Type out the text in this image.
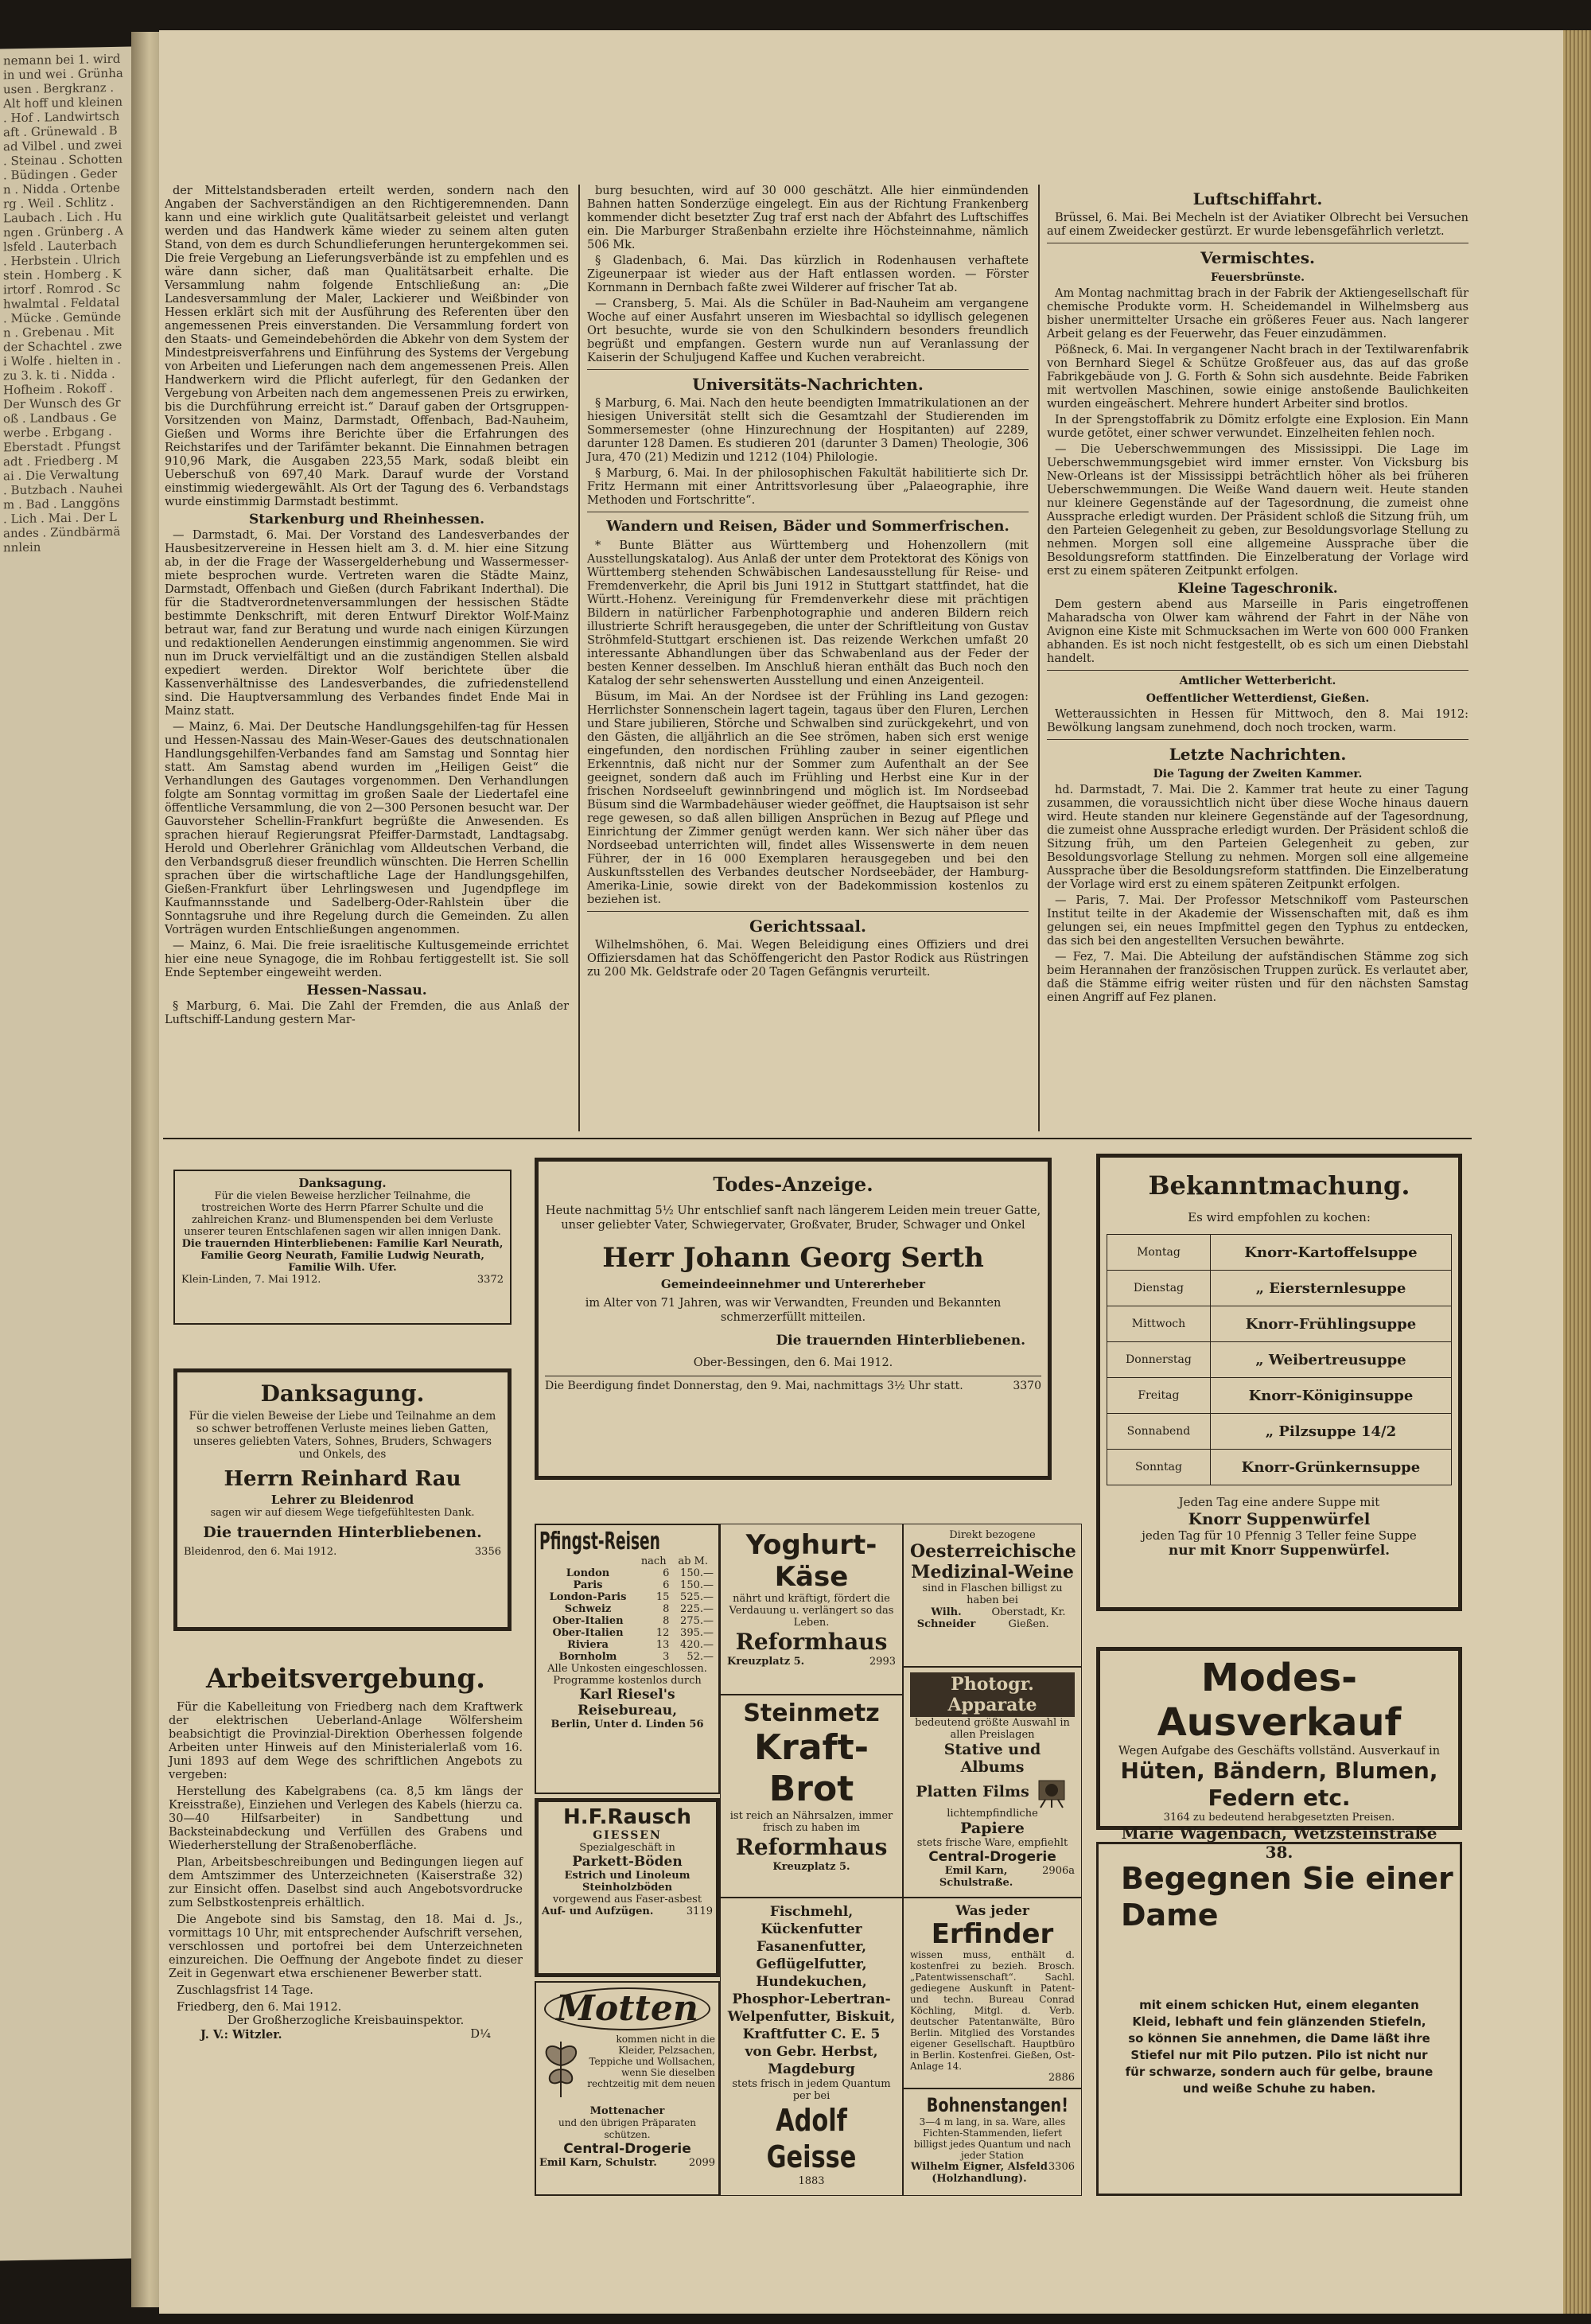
nemann bei 1. wird in und wei . Grünhausen . Bergkranz . Alt hoff und kleinen . Hof . Landwirtschaft . Grünewald . Bad Vilbel . und zwei . Steinau . Schotten . Büdingen . Gedern . Nidda . Ortenberg . Weil . Schlitz . Laubach . Lich . Hungen . Grünberg . Alsfeld . Lauterbach . Herbstein . Ulrichstein . Homberg . Kirtorf . Romrod . Schwalmtal . Feldatal . Mücke . Gemünden . Grebenau . Mit der Schachtel . zwei Wolfe . hielten in . zu 3. k. ti . Nidda . Hofheim . Rokoff . Der Wunsch des Groß . Landbaus . Gewerbe . Erbgang . Eberstadt . Pfungstadt . Friedberg . Mai . Die Verwaltung . Butzbach . Nauheim . Bad . Langgöns . Lich . Mai . Der Landes . Zündbärmännlein

der Mittelstandsberaden erteilt werden, sondern nach den Angaben der Sachverständigen an den Richtigeremnenden. Dann kann und eine wirklich gute Qualitätsarbeit geleistet und verlangt werden und das Handwerk käme wieder zu seinem alten guten Stand, von dem es durch Schundlieferungen heruntergekommen sei. Die freie Vergebung an Lieferungsverbände ist zu empfehlen und es wäre dann sicher, daß man Qualitätsarbeit erhalte. Die Versammlung nahm folgende Entschließung an: „Die Landesversammlung der Maler, Lackierer und Weißbinder von Hessen erklärt sich mit der Ausführung des Referenten über den angemessenen Preis einverstanden. Die Versammlung fordert von den Staats- und Gemeindebehörden die Abkehr von dem System der Mindestpreisverfahrens und Einführung des Systems der Vergebung von Arbeiten und Lieferungen nach dem angemessenen Preis. Allen Handwerkern wird die Pflicht auferlegt, für den Gedanken der Vergebung von Arbeiten nach dem angemessenen Preis zu erwirken, bis die Durchführung erreicht ist.“ Darauf gaben der Ortsgruppen-Vorsitzenden von Mainz, Darmstadt, Offenbach, Bad-Nauheim, Gießen und Worms ihre Berichte über die Erfahrungen des Reichstarifes und der Tarifämter bekannt. Die Einnahmen betragen 910,96 Mark, die Ausgaben 223,55 Mark, sodaß bleibt ein Ueberschuß von 697,40 Mark. Darauf wurde der Vorstand einstimmig wiedergewählt. Als Ort der Tagung des 6. Verbandstags wurde einstimmig Darmstadt bestimmt.

Starkenburg und Rheinhessen.

— Darmstadt, 6. Mai. Der Vorstand des Landesverbandes der Hausbesitzervereine in Hessen hielt am 3. d. M. hier eine Sitzung ab, in der die Frage der Wassergelderhebung und Wassermesser-miete besprochen wurde. Vertreten waren die Städte Mainz, Darmstadt, Offenbach und Gießen (durch Fabrikant Inderthal). Die für die Stadtverordnetenversammlungen der hessischen Städte bestimmte Denkschrift, mit deren Entwurf Direktor Wolf-Mainz betraut war, fand zur Beratung und wurde nach einigen Kürzungen und redaktionellen Aenderungen einstimmig angenommen. Sie wird nun im Druck vervielfältigt und an die zuständigen Stellen alsbald expediert werden. Direktor Wolf berichtete über die Kassenverhältnisse des Landesverbandes, die zufriedenstellend sind. Die Hauptversammlung des Verbandes findet Ende Mai in Mainz statt.

— Mainz, 6. Mai. Der Deutsche Handlungsgehilfen-tag für Hessen und Hessen-Nassau des Main-Weser-Gaues des deutschnationalen Handlungsgehilfen-Verbandes fand am Samstag und Sonntag hier statt. Am Samstag abend wurden im „Heiligen Geist“ die Verhandlungen des Gautages vorgenommen. Den Verhandlungen folgte am Sonntag vormittag im großen Saale der Liedertafel eine öffentliche Versammlung, die von 2—300 Personen besucht war. Der Gauvorsteher Schellin-Frankfurt begrüßte die Anwesenden. Es sprachen hierauf Regierungsrat Pfeiffer-Darmstadt, Landtagsabg. Herold und Oberlehrer Gränichlag vom Alldeutschen Verband, die den Verbandsgruß dieser freundlich wünschten. Die Herren Schellin sprachen über die wirtschaftliche Lage der Handlungsgehilfen, Gießen-Frankfurt über Lehrlingswesen und Jugendpflege im Kaufmannsstande und Sadelberg-Oder-Rahlstein über die Sonntagsruhe und ihre Regelung durch die Gemeinden. Zu allen Vorträgen wurden Entschließungen angenommen.

— Mainz, 6. Mai. Die freie israelitische Kultusgemeinde errichtet hier eine neue Synagoge, die im Rohbau fertiggestellt ist. Sie soll Ende September eingeweiht werden.

Hessen-Nassau.

§ Marburg, 6. Mai. Die Zahl der Fremden, die aus Anlaß der Luftschiff-Landung gestern Mar-

burg besuchten, wird auf 30 000 geschätzt. Alle hier einmündenden Bahnen hatten Sonderzüge eingelegt. Ein aus der Richtung Frankenberg kommender dicht besetzter Zug traf erst nach der Abfahrt des Luftschiffes ein. Die Marburger Straßenbahn erzielte ihre Höchsteinnahme, nämlich 506 Mk.

§ Gladenbach, 6. Mai. Das kürzlich in Rodenhausen verhaftete Zigeunerpaar ist wieder aus der Haft entlassen worden. — Förster Kornmann in Dernbach faßte zwei Wilderer auf frischer Tat ab.

— Cransberg, 5. Mai. Als die Schüler in Bad-Nauheim am vergangene Woche auf einer Ausfahrt unseren im Wiesbachtal so idyllisch gelegenen Ort besuchte, wurde sie von den Schulkindern besonders freundlich begrüßt und empfangen. Gestern wurde nun auf Veranlassung der Kaiserin der Schuljugend Kaffee und Kuchen verabreicht.

Universitäts-Nachrichten.

§ Marburg, 6. Mai. Nach den heute beendigten Immatrikulationen an der hiesigen Universität stellt sich die Gesamtzahl der Studierenden im Sommersemester (ohne Hinzurechnung der Hospitanten) auf 2289, darunter 128 Damen. Es studieren 201 (darunter 3 Damen) Theologie, 306 Jura, 470 (21) Medizin und 1212 (104) Philologie.

§ Marburg, 6. Mai. In der philosophischen Fakultät habilitierte sich Dr. Fritz Hermann mit einer Antrittsvorlesung über „Palaeographie, ihre Methoden und Fortschritte“.

Wandern und Reisen, Bäder und Sommerfrischen.

* Bunte Blätter aus Württemberg und Hohenzollern (mit Ausstellungskatalog). Aus Anlaß der unter dem Protektorat des Königs von Württemberg stehenden Schwäbischen Landesausstellung für Reise- und Fremdenverkehr, die April bis Juni 1912 in Stuttgart stattfindet, hat die Württ.-Hohenz. Vereinigung für Fremdenverkehr diese mit prächtigen Bildern in natürlicher Farbenphotographie und anderen Bildern reich illustrierte Schrift herausgegeben, die unter der Schriftleitung von Gustav Ströhmfeld-Stuttgart erschienen ist. Das reizende Werkchen umfaßt 20 interessante Abhandlungen über das Schwabenland aus der Feder der besten Kenner desselben. Im Anschluß hieran enthält das Buch noch den Katalog der sehr sehenswerten Ausstellung und einen Anzeigenteil.

Büsum, im Mai. An der Nordsee ist der Frühling ins Land gezogen: Herrlichster Sonnenschein lagert tagein, tagaus über den Fluren, Lerchen und Stare jubilieren, Störche und Schwalben sind zurückgekehrt, und von den Gästen, die alljährlich an die See strömen, haben sich erst wenige eingefunden, den nordischen Frühling zauber in seiner eigentlichen Erkenntnis, daß nicht nur der Sommer zum Aufenthalt an der See geeignet, sondern daß auch im Frühling und Herbst eine Kur in der frischen Nordseeluft gewinnbringend und möglich ist. Im Nordseebad Büsum sind die Warmbadehäuser wieder geöffnet, die Hauptsaison ist sehr rege gewesen, so daß allen billigen Ansprüchen in Bezug auf Pflege und Einrichtung der Zimmer genügt werden kann. Wer sich näher über das Nordseebad unterrichten will, findet alles Wissenswerte in dem neuen Führer, der in 16 000 Exemplaren herausgegeben und bei den Auskunftsstellen des Verbandes deutscher Nordseebäder, der Hamburg-Amerika-Linie, sowie direkt von der Badekommission kostenlos zu beziehen ist.

Gerichtssaal.

Wilhelmshöhen, 6. Mai. Wegen Beleidigung eines Offiziers und drei Offiziersdamen hat das Schöffengericht den Pastor Rodick aus Rüstringen zu 200 Mk. Geldstrafe oder 20 Tagen Gefängnis verurteilt.

Luftschiffahrt.

Brüssel, 6. Mai. Bei Mecheln ist der Aviatiker Olbrecht bei Versuchen auf einem Zweidecker gestürzt. Er wurde lebensgefährlich verletzt.

Vermischtes.
Feuersbrünste.

Am Montag nachmittag brach in der Fabrik der Aktiengesellschaft für chemische Produkte vorm. H. Scheidemandel in Wilhelmsberg aus bisher unermittelter Ursache ein größeres Feuer aus. Nach langerer Arbeit gelang es der Feuerwehr, das Feuer einzudämmen.

Pößneck, 6. Mai. In vergangener Nacht brach in der Textilwarenfabrik von Bernhard Siegel & Schütze Großfeuer aus, das auf das große Fabrikgebäude von J. G. Forth & Sohn sich ausdehnte. Beide Fabriken mit wertvollen Maschinen, sowie einige anstoßende Baulichkeiten wurden eingeäschert. Mehrere hundert Arbeiter sind brotlos.

In der Sprengstoffabrik zu Dömitz erfolgte eine Explosion. Ein Mann wurde getötet, einer schwer verwundet. Einzelheiten fehlen noch.

— Die Ueberschwemmungen des Mississippi. Die Lage im Ueberschwemmungsgebiet wird immer ernster. Von Vicksburg bis New-Orleans ist der Mississippi beträchtlich höher als bei früheren Ueberschwemmungen. Die Weiße Wand dauern weit. Heute standen nur kleinere Gegenstände auf der Tagesordnung, die zumeist ohne Aussprache erledigt wurden. Der Präsident schloß die Sitzung früh, um den Parteien Gelegenheit zu geben, zur Besoldungsvorlage Stellung zu nehmen. Morgen soll eine allgemeine Aussprache über die Besoldungsreform stattfinden. Die Einzelberatung der Vorlage wird erst zu einem späteren Zeitpunkt erfolgen.

Kleine Tageschronik.

Dem gestern abend aus Marseille in Paris eingetroffenen Maharadscha von Olwer kam während der Fahrt in der Nähe von Avignon eine Kiste mit Schmucksachen im Werte von 600 000 Franken abhanden. Es ist noch nicht festgestellt, ob es sich um einen Diebstahl handelt.

Amtlicher Wetterbericht.
Oeffentlicher Wetterdienst, Gießen.

Wetteraussichten in Hessen für Mittwoch, den 8. Mai 1912: Bewölkung langsam zunehmend, doch noch trocken, warm.

Letzte Nachrichten.
Die Tagung der Zweiten Kammer.

hd. Darmstadt, 7. Mai. Die 2. Kammer trat heute zu einer Tagung zusammen, die voraussichtlich nicht über diese Woche hinaus dauern wird. Heute standen nur kleinere Gegenstände auf der Tagesordnung, die zumeist ohne Aussprache erledigt wurden. Der Präsident schloß die Sitzung früh, um den Parteien Gelegenheit zu geben, zur Besoldungsvorlage Stellung zu nehmen. Morgen soll eine allgemeine Aussprache über die Besoldungsreform stattfinden. Die Einzelberatung der Vorlage wird erst zu einem späteren Zeitpunkt erfolgen.

— Paris, 7. Mai. Der Professor Metschnikoff vom Pasteurschen Institut teilte in der Akademie der Wissenschaften mit, daß es ihm gelungen sei, ein neues Impfmittel gegen den Typhus zu entdecken, das sich bei den angestellten Versuchen bewährte.

— Fez, 7. Mai. Die Abteilung der aufständischen Stämme zog sich beim Herannahen der französischen Truppen zurück. Es verlautet aber, daß die Stämme eifrig weiter rüsten und für den nächsten Samstag einen Angriff auf Fez planen.

Danksagung.
Für die vielen Beweise herzlicher Teilnahme, die trostreichen Worte des Herrn Pfarrer Schulte und die zahlreichen Kranz- und Blumenspenden bei dem Verluste unserer teuren Entschlafenen sagen wir allen innigen Dank.
Die trauernden Hinterbliebenen: Familie Karl Neurath, Familie Georg Neurath, Familie Ludwig Neurath, Familie Wilh. Ufer.
Klein-Linden, 7. Mai 1912.	3372
Danksagung.
Für die vielen Beweise der Liebe und Teilnahme an dem so schwer betroffenen Verluste meines lieben Gatten, unseres geliebten Vaters, Sohnes, Bruders, Schwagers und Onkels, des
Herrn Reinhard Rau
Lehrer zu Bleidenrod
sagen wir auf diesem Wege tiefgefühltesten Dank.
Die trauernden Hinterbliebenen.
Bleidenrod, den 6. Mai 1912.	3356
Todes-Anzeige.
Heute nachmittag 5½ Uhr entschlief sanft nach längerem Leiden mein treuer Gatte, unser geliebter Vater, Schwiegervater, Großvater, Bruder, Schwager und Onkel
Herr Johann Georg Serth
Gemeindeeinnehmer und Untererheber
im Alter von 71 Jahren, was wir Verwandten, Freunden und Bekannten schmerzerfüllt mitteilen.
Die trauernden Hinterbliebenen.
Ober-Bessingen, den 6. Mai 1912.
Die Beerdigung findet Donnerstag, den 9. Mai, nachmittags 3½ Uhr statt.	3370
Bekanntmachung.
Es wird empfohlen zu kochen:
Montag	Knorr-Kartoffelsuppe
Dienstag	„ Eiersternlesuppe
Mittwoch	Knorr-Frühlingsuppe
Donnerstag	„ Weibertreusuppe
Freitag	Knorr-Königinsuppe
Sonnabend	„ Pilzsuppe 14/2
Sonntag	Knorr-Grünkernsuppe
Jeden Tag eine andere Suppe mit
Knorr Suppenwürfel
jeden Tag für 10 Pfennig 3 Teller feine Suppe
nur mit Knorr Suppenwürfel.
Arbeitsvergebung.

Für die Kabelleitung von Friedberg nach dem Kraftwerk der elektrischen Ueberland-Anlage Wölfersheim beabsichtigt die Provinzial-Direktion Oberhessen folgende Arbeiten unter Hinweis auf den Ministerialerlaß vom 16. Juni 1893 auf dem Wege des schriftlichen Angebots zu vergeben:

Herstellung des Kabelgrabens (ca. 8,5 km längs der Kreisstraße), Einziehen und Verlegen des Kabels (hierzu ca. 30—40 Hilfsarbeiter) in Sandbettung und Backsteinabdeckung und Verfüllen des Grabens und Wiederherstellung der Straßenoberfläche.

Plan, Arbeitsbeschreibungen und Bedingungen liegen auf dem Amtszimmer des Unterzeichneten (Kaiserstraße 32) zur Einsicht offen. Daselbst sind auch Angebotsvordrucke zum Selbstkostenpreis erhältlich.

Die Angebote sind bis Samstag, den 18. Mai d. Js., vormittags 10 Uhr, mit entsprechender Aufschrift versehen, verschlossen und portofrei bei dem Unterzeichneten einzureichen. Die Oeffnung der Angebote findet zu dieser Zeit in Gegenwart etwa erschienener Bewerber statt.

Zuschlagsfrist 14 Tage.

Friedberg, den 6. Mai 1912.

Der Großherzogliche Kreisbauinspektor.
J. V.: Witzler.	D¹⁄₄
Pfingst-Reisen
	nach	ab M.
London	6	150.—
Paris	6	150.—
London-Paris	15	525.—
Schweiz	8	225.—
Ober-Italien	8	275.—
Ober-Italien	12	395.—
Riviera	13	420.—
Bornholm	3	52.—
Alle Unkosten eingeschlossen. Programme kostenlos durch
Karl Riesel's Reisebureau,
Berlin, Unter d. Linden 56
H.F.Rausch
GIESSEN
Spezialgeschäft in
Parkett-Böden
Estrich und Linoleum
Steinholzböden
vorgewend aus Faser-asbest
Auf- und Aufzügen.	3119
Motten
kommen nicht in die Kleider, Pelzsachen, Teppiche und Wollsachen, wenn Sie dieselben rechtzeitig mit dem neuen
Mottenacher
und den übrigen Präparaten schützen.
Central-Drogerie
Emil Karn, Schulstr.	2099
Yoghurt-Käse
nährt und kräftigt, fördert die Verdauung u. verlängert so das Leben.
Reformhaus
Kreuzplatz 5.	2993
Steinmetz
Kraft-Brot
ist reich an Nährsalzen, immer frisch zu haben im
Reformhaus
Kreuzplatz 5.
Fischmehl, Kückenfutter Fasanenfutter, Geflügelfutter, Hundekuchen, Phosphor-Lebertran-Welpenfutter, Biskuit, Kraftfutter C. E. 5 von Gebr. Herbst, Magdeburg
stets frisch in jedem Quantum per bei
Adolf Geisse
1883
Direkt bezogene
Oesterreichische Medizinal-Weine
sind in Flaschen billigst zu haben bei
Wilh. Schneider
Oberstadt, Kr. Gießen.
Photogr. Apparate
bedeutend größte Auswahl in allen Preislagen
Stative und Albums
Platten Films
lichtempfindliche
Papiere
stets frische Ware, empfiehlt
Central-Drogerie
Emil Karn, Schulstraße.
2906a
Was jeder
Erfinder
wissen muss, enthält d. kostenfrei zu bezieh. Brosch. „Patentwissenschaft“. Sachl. gediegene Auskunft in Patent- und techn. Bureau Conrad Köchling, Mitgl. d. Verb. deutscher Patentanwälte, Büro Berlin. Mitglied des Vorstandes eigener Gesellschaft. Hauptbüro in Berlin. Kostenfrei. Gießen, Ost-Anlage 14.
2886
Bohnenstangen!
3—4 m lang, in sa. Ware, alles Fichten-Stammenden, liefert billigst jedes Quantum und nach jeder Station
Wilhelm Eigner, Alsfeld (Holzhandlung).
3306
Modes-Ausverkauf
Wegen Aufgabe des Geschäfts vollständ. Ausverkauf in
Hüten, Bändern, Blumen, Federn etc.
3164 zu bedeutend herabgesetzten Preisen.
Marie Wagenbach, Wetzsteinstraße 38.
Begegnen Sie einer Dame
mit einem schicken Hut, einem eleganten Kleid, lebhaft und fein glänzenden Stiefeln, so können Sie annehmen, die Dame läßt ihre Stiefel nur mit Pilo putzen. Pilo ist nicht nur für schwarze, sondern auch für gelbe, braune und weiße Schuhe zu haben.
